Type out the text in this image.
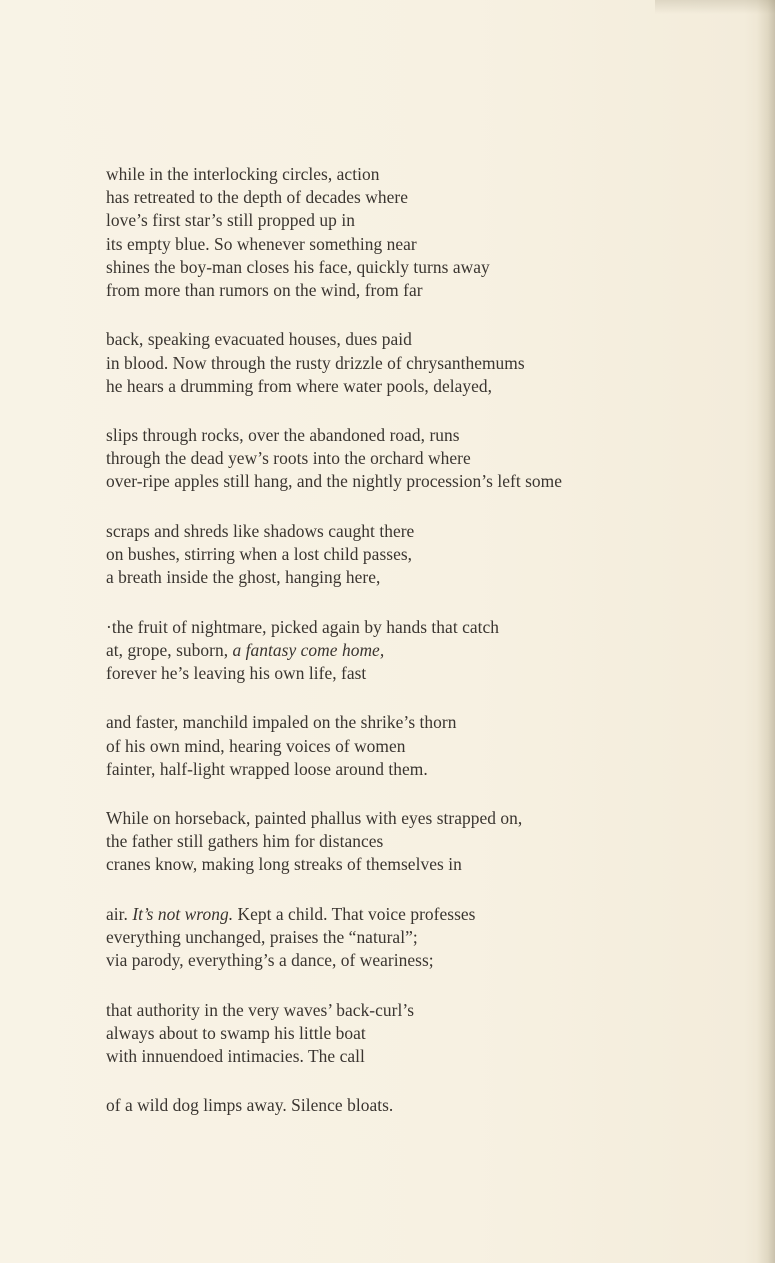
while in the interlocking circles, action
has retreated to the depth of decades where
love’s first star’s still propped up in
its empty blue. So whenever something near
shines the boy-man closes his face, quickly turns away
from more than rumors on the wind, from far
back, speaking evacuated houses, dues paid
in blood. Now through the rusty drizzle of chrysanthemums
he hears a drumming from where water pools, delayed,
slips through rocks, over the abandoned road, runs
through the dead yew’s roots into the orchard where
over-ripe apples still hang, and the nightly procession’s left some
scraps and shreds like shadows caught there
on bushes, stirring when a lost child passes,
a breath inside the ghost, hanging here,
·the fruit of nightmare, picked again by hands that catch
at, grope, suborn, a fantasy come home,
forever he’s leaving his own life, fast
and faster, manchild impaled on the shrike’s thorn
of his own mind, hearing voices of women
fainter, half-light wrapped loose around them.
While on horseback, painted phallus with eyes strapped on,
the father still gathers him for distances
cranes know, making long streaks of themselves in
air. It’s not wrong. Kept a child. That voice professes
everything unchanged, praises the “natural”;
via parody, everything’s a dance, of weariness;
that authority in the very waves’ back-curl’s
always about to swamp his little boat
with innuendoed intimacies. The call
of a wild dog limps away. Silence bloats.
